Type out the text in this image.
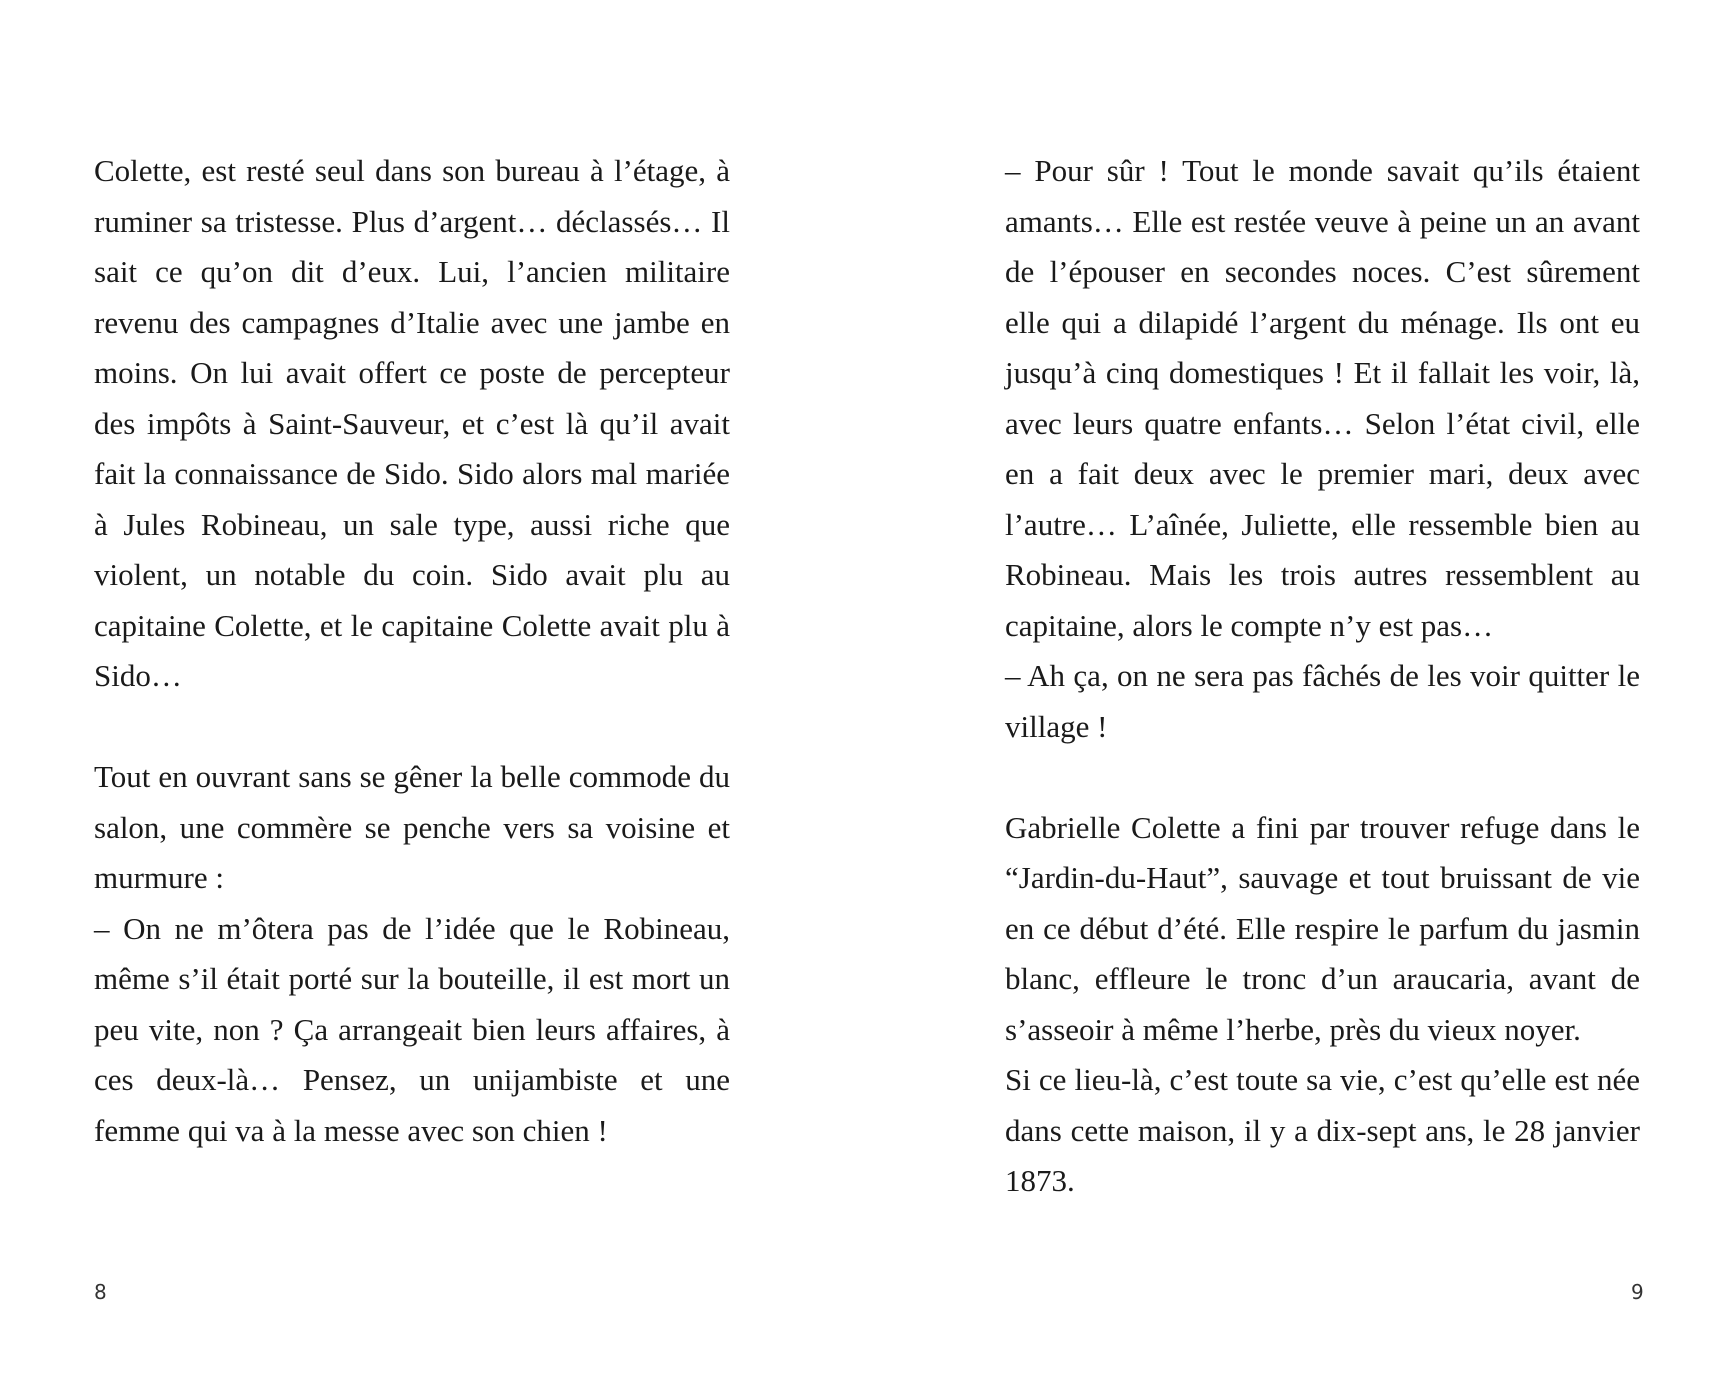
Colette, est resté seul dans son bureau à l’étage, à ruminer sa tristesse. Plus d’argent… déclassés… Il sait ce qu’on dit d’eux. Lui, l’ancien militaire revenu des campagnes d’Italie avec une jambe en moins. On lui avait offert ce poste de percepteur des impôts à Saint-Sauveur, et c’est là qu’il avait fait la connaissance de Sido. Sido alors mal mariée à Jules Robineau, un sale type, aussi riche que violent, un notable du coin. Sido avait plu au capitaine Colette, et le capitaine Colette avait plu à Sido…

Tout en ouvrant sans se gêner la belle commode du salon, une commère se penche vers sa voisine et murmure :

– On ne m’ôtera pas de l’idée que le Robineau, même s’il était porté sur la bouteille, il est mort un peu vite, non ? Ça arrangeait bien leurs affaires, à ces deux-là… Pensez, un unijambiste et une femme qui va à la messe avec son chien !

8

– Pour sûr ! Tout le monde savait qu’ils étaient amants… Elle est restée veuve à peine un an avant de l’épouser en secondes noces. C’est sûrement elle qui a dilapidé l’argent du ménage. Ils ont eu jusqu’à cinq domestiques ! Et il fallait les voir, là, avec leurs quatre enfants… Selon l’état civil, elle en a fait deux avec le premier mari, deux avec l’autre… L’aînée, Juliette, elle ressemble bien au Robineau. Mais les trois autres ressemblent au capitaine, alors le compte n’y est pas…

– Ah ça, on ne sera pas fâchés de les voir quitter le village !

Gabrielle Colette a fini par trouver refuge dans le “Jardin-du-Haut”, sauvage et tout bruissant de vie en ce début d’été. Elle respire le parfum du jasmin blanc, effleure le tronc d’un araucaria, avant de s’asseoir à même l’herbe, près du vieux noyer.

Si ce lieu-là, c’est toute sa vie, c’est qu’elle est née dans cette maison, il y a dix-sept ans, le 28 janvier 1873.

9
